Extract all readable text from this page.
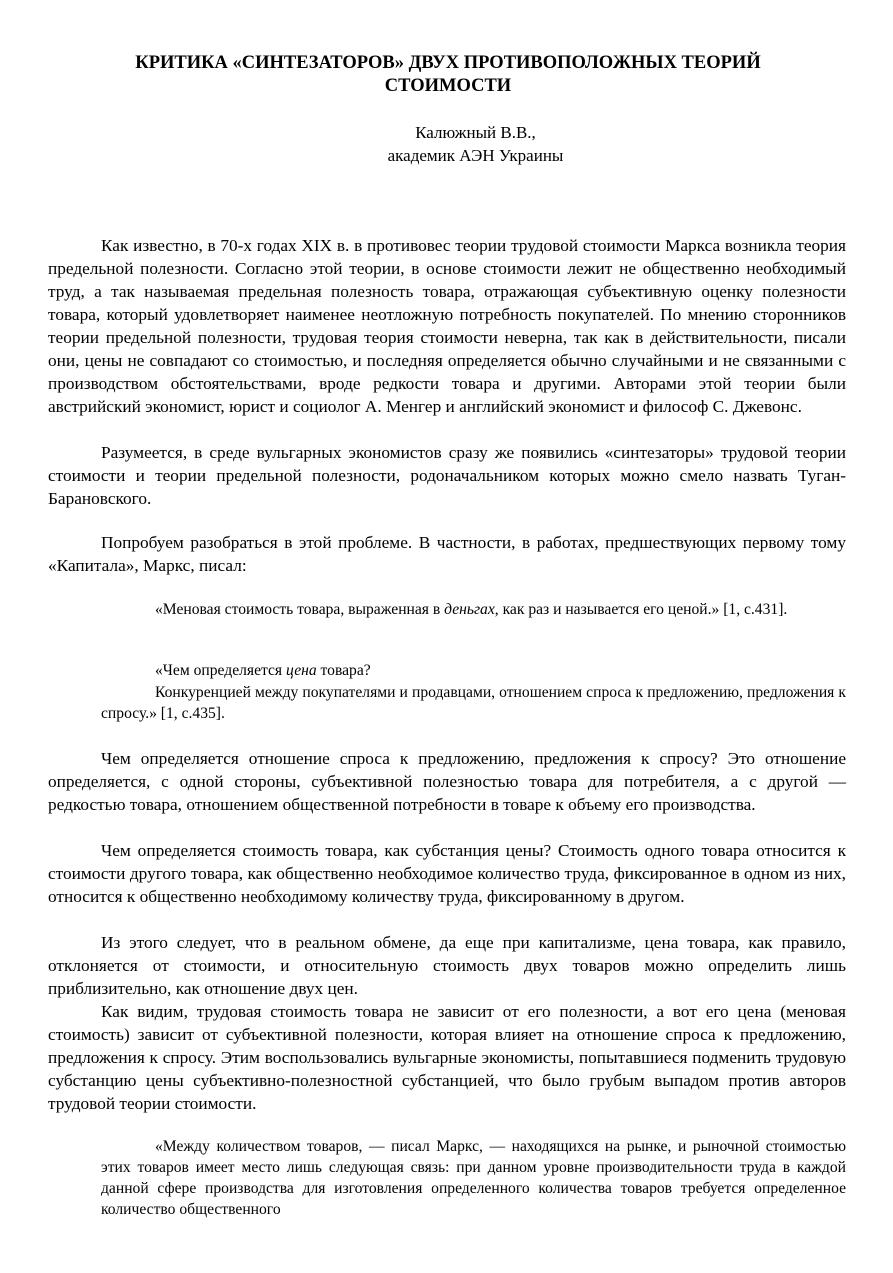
КРИТИКА «СИНТЕЗАТОРОВ» ДВУХ ПРОТИВОПОЛОЖНЫХ ТЕОРИЙ
СТОИМОСТИ
Калюжный В.В.,
академик АЭН Украины

Как известно, в 70-х годах XIX в. в противовес теории трудовой стоимости Маркса возникла теория предельной полезности. Согласно этой теории, в основе стоимости лежит не общественно необходимый труд, а так называемая предельная полезность товара, отражающая субъективную оценку полезности товара, который удовлетворяет наименее неотложную потребность покупателей. По мнению сторонников теории предельной полезности, трудовая теория стоимости неверна, так как в действительности, писали они, цены не совпадают со стоимостью, и последняя определяется обычно случайными и не связанными с производством обстоятельствами, вроде редкости товара и другими. Авторами этой теории были австрийский экономист, юрист и социолог А. Менгер и английский экономист и философ С. Джевонс.

Разумеется, в среде вульгарных экономистов сразу же появились «синтезаторы» трудовой теории стоимости и теории предельной полезности, родоначальником которых можно смело назвать Туган-Барановского.

Попробуем разобраться в этой проблеме. В частности, в работах, предшествующих первому тому «Капитала», Маркс, писал:

«Меновая стоимость товара, выраженная в деньгах, как раз и называется его ценой.» [1, с.431].

«Чем определяется цена товара?

Конкуренцией между покупателями и продавцами, отношением спроса к предложению, предложения к спросу.» [1, с.435].

Чем определяется отношение спроса к предложению, предложения к спросу? Это отношение определяется, с одной стороны, субъективной полезностью товара для потребителя, а с другой — редкостью товара, отношением общественной потребности в товаре к объему его производства.

Чем определяется стоимость товара, как субстанция цены? Стоимость одного товара относится к стоимости другого товара, как общественно необходимое количество труда, фиксированное в одном из них, относится к общественно необходимому количеству труда, фиксированному в другом.

Из этого следует, что в реальном обмене, да еще при капитализме, цена товара, как правило, отклоняется от стоимости, и относительную стоимость двух товаров можно определить лишь приблизительно, как отношение двух цен.

Как видим, трудовая стоимость товара не зависит от его полезности, а вот его цена (меновая стоимость) зависит от субъективной полезности, которая влияет на отношение спроса к предложению, предложения к спросу. Этим воспользовались вульгарные экономисты, попытавшиеся подменить трудовую субстанцию цены субъективно-полезностной субстанцией, что было грубым выпадом против авторов трудовой теории стоимости.

«Между количеством товаров, — писал Маркс, — находящихся на рынке, и рыночной стоимостью этих товаров имеет место лишь следующая связь: при данном уровне производительности труда в каждой данной сфере производства для изготовления определенного количества товаров требуется определенное количество общественного
